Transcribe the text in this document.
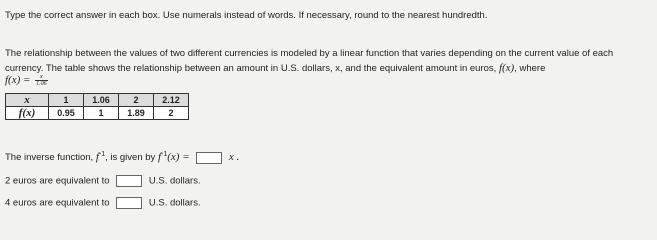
Type the correct answer in each box. Use numerals instead of words. If necessary, round to the nearest hundredth.
The relationship between the values of two different currencies is modeled by a linear function that varies depending on the current value of each
currency. The table shows the relationship between an amount in U.S. dollars, x, and the equivalent amount in euros, f(x), where
$f(x) = \frac{x}{1.06}$
x	1	1.06	2	2.12
f(x)	0.95	1	1.89	2
The inverse function, $f^{-1}$, is given by $f^{-1}(x)$ =	x .
2 euros are equivalent to	U.S. dollars.
4 euros are equivalent to	U.S. dollars.
